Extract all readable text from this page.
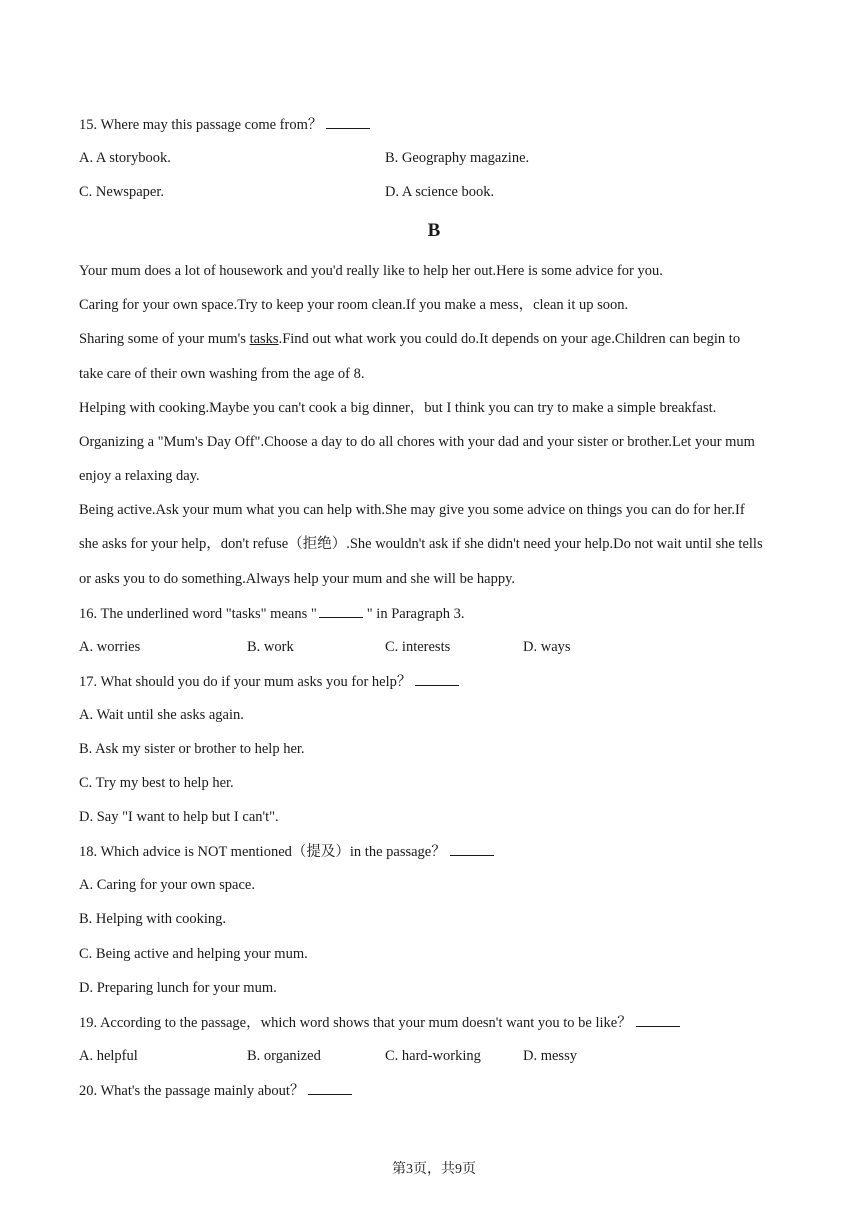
15. Where may this passage come from？
A. A storybook.	B. Geography magazine.
C. Newspaper.	D. A science book.
B
Your mum does a lot of housework and you'd really like to help her out.Here is some advice for you.
Caring for your own space.Try to keep your room clean.If you make a mess，clean it up soon.
Sharing some of your mum's tasks.Find out what work you could do.It depends on your age.Children can begin to
take care of their own washing from the age of 8.
Helping with cooking.Maybe you can't cook a big dinner，but I think you can try to make a simple breakfast.
Organizing a "Mum's Day Off".Choose a day to do all chores with your dad and your sister or brother.Let your mum
enjoy a relaxing day.
Being active.Ask your mum what you can help with.She may give you some advice on things you can do for her.If
she asks for your help，don't refuse（拒绝）.She wouldn't ask if she didn't need your help.Do not wait until she tells
or asks you to do something.Always help your mum and she will be happy.
16. The underlined word "tasks" means "	" in Paragraph 3.
A. worries	B. work	C. interests	D. ways
17. What should you do if your mum asks you for help？
A. Wait until she asks again.
B. Ask my sister or brother to help her.
C. Try my best to help her.
D. Say "I want to help but I can't".
18. Which advice is NOT mentioned（提及）in the passage？
A. Caring for your own space.
B. Helping with cooking.
C. Being active and helping your mum.
D. Preparing lunch for your mum.
19. According to the passage，which word shows that your mum doesn't want you to be like？
A. helpful	B. organized	C. hard-working	D. messy
20. What's the passage mainly about？
第3页，共9页
